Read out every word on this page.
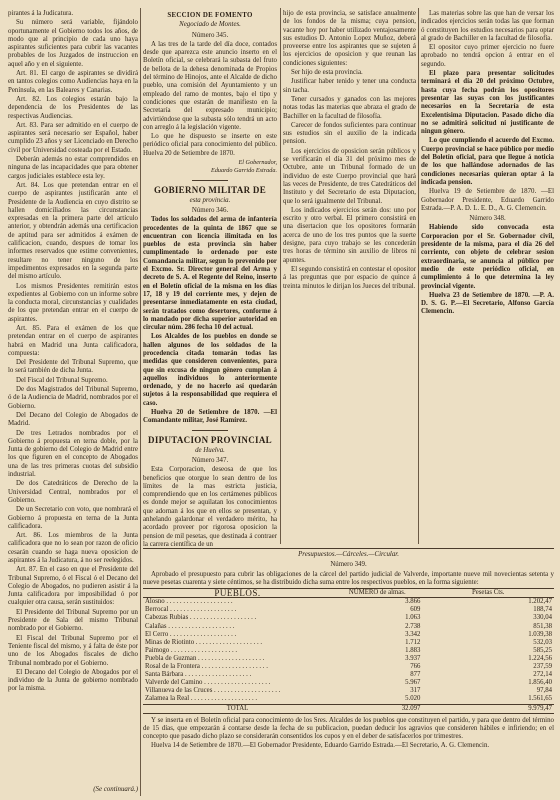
pirantes á la Judicatura.

Su número será variable, fijándolo oportunamente el Gobierno todos los años, de modo que al principio de cada uno haya aspirantes suficientes para cubrir las vacantes probables de los Juzgados de instruccion en aquel año y en el siguiente.

Art. 81. El cargo de aspirantes se dividirá en tantos colegios como Audiencias haya en la Península, en las Baleares y Canarias.

Art. 82. Los colegios estarán bajo la dependencia de los Presidentes de las respectivas Audiencias.

Art. 83. Para ser admitido en el cuerpo de aspirantes será necesario ser Español, haber cumplido 23 años y ser Licenciado en Derecho civil por Universidad costeada por el Estado.

Deberán además no estar comprendidos en ninguna de las incapacidades que para obtener cargos judiciales establece esta ley.

Art. 84. Los que pretendan entrar en el cuerpo de aspirantes justificarán ante el Presidente de la Audiencia en cuyo distrito se hallen domiciliados las circunstancias expresadas en la primera parte del artículo anterior, y obtendrán además una certificacion de aptitud para ser admitidos á exámen de calificacion, cuando, despues de tomar los informes reservados que estime convenientes, resultare no tener ninguno de los impedimentos expresados en la segunda parte del mismo artículo.

Los mismos Presidentes remitirán estos expedientes al Gobierno con un informe sobre la conducta moral, circunstancias y cualidades de los que pretendan entrar en el cuerpo de aspirantes.

Art. 85. Para el exámen de los que pretendan entrar en el cuerpo de aspirantes habrá en Madrid una Junta calificadora, compuesta:

Del Presidente del Tribunal Supremo, que lo será también de dicha Junta.

Del Fiscal del Tribunal Supremo.

De dos Magistrados del Tribunal Supremo, ó de la Audiencia de Madrid, nombrados por el Gobierno.

Del Decano del Colegio de Abogados de Madrid.

De tres Letrados nombrados por el Gobierno á propuesta en terna doble, por la Junta de gobierno del Colegio de Madrid entre los que figuren en el concepto de Abogados una de las tres primeras cuotas del subsidio industrial.

De dos Catedráticos de Derecho de la Universidad Central, nombrados por el Gobierno.

De un Secretario con voto, que nombrará el Gobierno á propuesta en terna de la Junta calificadora.

Art. 86. Los miembros de la Junta calificadora que no lo sean por razon de oficio cesarán cuando se haga nueva oposicion de aspirantes á la Judicatura, á no ser reelegidos.

Art. 87. En el caso en que el Presidente del Tribunal Supremo, ó el Fiscal ó el Decano del Colegio de Abogados, no pudieren asistir á la Junta calificadora por imposibilidad ó por cualquier otra causa, serán sustituidos:

El Presidente del Tribunal Supremo por un Presidente de Sala del mismo Tribunal nombrado por el Gobierno.

El Fiscal del Tribunal Supremo por el Teniente fiscal del mismo, y á falta de éste por uno de los Abogados fiscales de dicho Tribunal nombrado por el Gobierno.

El Decano del Colegio de Abogados por el individuo de la Junta de gobierno nombrado por la misma.

(Se continuará.)
SECCION DE FOMENTO
Negociado de Montes.
Número 345.

A las tres de la tarde del día doce, contados desde que aparezca este anuncio inserto en el Boletín oficial, se celebrará la subasta del fruto de bellota de la dehesa denominada de Propios del término de Hinojos, ante el Alcalde de dicho pueblo, una comisión del Ayuntamiento y un empleado del ramo de montes, bajo el tipo y condiciones que estarán de manifiesto en la Secretaría del expresado municipio; advirtiéndose que la subasta sólo tendrá un acto con arreglo á la legislación vigente.

Lo que he dispuesto se inserte en este periódico oficial para conocimiento del público. Huelva 20 de Setiembre de 1870.

El Gobernador,
Eduardo Garrido Estrada.
GOBIERNO MILITAR DE
esta provincia.
Número 346.

Todos los soldados del arma de infantería procedentes de la quinta de 1867 que se encuentran con licencia ilimitada en los pueblos de esta provincia sin haber cumplimentado lo ordenado por este Comandancia militar, segun lo prevenido por el Excmo. Sr. Director general del Arma y decreto de S. A. el Regente del Reino, inserto en el Boletín oficial de la misma en los días 17, 18 y 19 del corriente mes, y dejen de presentarse inmediatamente en esta ciudad, serán tratados como desertores, conforme á lo mandado por dicha superior autoridad en circular núm. 286 fecha 10 del actual.

Los Alcaldes de los pueblos en donde se hallen algunos de los soldados de la procedencia citada tomarán todas las medidas que consideren convenientes, para que sin excusa de ningun género cumplan á aquellos individuos lo anteriormente ordenado, y de no hacerlo así quedarán sujetos á la responsabilidad que requiera el caso.

Huelva 20 de Setiembre de 1870. —El Comandante militar, José Ramírez.

DIPUTACION PROVINCIAL
de Huelva.
Número 347.

Esta Corporacion, deseosa de que los beneficios que otorgue lo sean dentro de los límites de la mas estricta justicia, comprendiendo que en los certámenes públicos es donde mejor se aquilatan los conocimientos que adornan á los que en ellos se presentan, y anhelando galardonar el verdadero mérito, ha acordado proveer por rigorosa oposicion la pension de mil pesetas, que destinada á contraer la carrera científica de un

hijo de esta provincia, se satisface anualmente de los fondos de la misma; cuya pension, vacante hoy por haber utilizado ventajosamente sus estudios D. Antonio Lopez Muñoz, deberá proveerse entre los aspirantes que se sujeten á los ejercicios de oposicion y que reunan las condiciones siguientes:

Ser hijo de esta provincia.

Justificar haber tenido y tener una conducta sin tacha.

Tener cursados y ganados con las mejores notas todas las materias que abraza el grado de Bachiller en la facultad de filosofía.

Carecer de fondos suficientes para continuar sus estudios sin el auxilio de la indicada pension.

Los ejercicios de oposicion serán públicos y se verificarán el día 31 del próximo mes de Octubre, ante un Tribunal formado de un individuo de este Cuerpo provincial que hará las veces de Presidente, de tres Catedráticos del Instituto y del Secretario de esta Diputacion, que lo será igualmente del Tribunal.

Los indicados ejercicios serán dos: uno por escrito y otro verbal. El primero consistirá en una disertacion que los opositores formarán acerca de uno de los tres puntos que la suerte designe, para cuyo trabajo se les concederán tres horas de término sin auxilio de libros ni apuntes.

El segundo consistirá en contestar el opositor á las preguntas que por espacio de quince á treinta minutos le dirijan los Jueces del tribunal.

Las materias sobre las que han de versar los indicados ejercicios serán todas las que forman ó constituyen los estudios necesarios para optar al grado de Bachiller en la facultad de filosofía.

El opositor cuyo primer ejercicio no fuere aprobado no tendrá opcion á entrar en el segundo.

El plazo para presentar solicitudes terminará el día 20 del próximo Octubre, hasta cuya fecha podrán los opositores presentar las suyas con los justificantes necesarios en la Secretaría de esta Excelentísima Diputacion. Pasado dicho día no se admitirá solicitud ni justificante de ningun género.

Lo que cumpliendo el acuerdo del Excmo. Cuerpo provincial se hace público por medio del Boletín oficial, para que llegue á noticia de los que hallándose adornados de las condiciones necesarias quieran optar á la indicada pension.

Huelva 19 de Setiembre de 1870. —El Gobernador Presidente, Eduardo Garrido Estrada.—P. A. D. L. E. D., A. G. Clemencin.

Número 348.

Habiendo sido convocada esta Corporacion por el Sr. Gobernador civil, presidente de la misma, para el día 26 del corriente, con objeto de celebrar sesion extraordinaria, se anuncia al público por medio de este periódico oficial, en cumplimiento á lo que determina la ley provincial vigente.

Huelva 23 de Setiembre de 1870. —P. A. D. S. G. P.—El Secretario, Alfonso García Clemencin.

Presupuestos.—Cárceles.—Circular.
Número 349.

Aprobado el presupuesto para cubrir las obligaciones de la cárcel del partido judicial de Valverde, importante nueve mil novecientas setenta y nueve pesetas cuarenta y siete céntimos, se ha distribuido dicha suma entre los respectivos pueblos, en la forma siguiente:

PUEBLOS.	NÚMERO de almas.	Pesetas Cts.
Alosno . . . . . . . . . . . . . . . . . . . .	3.866	1.202,47
Berrocal . . . . . . . . . . . . . . . . . . . .	609	188,74
Cabezas Rubias . . . . . . . . . . . . . . . . . . . .	1.063	330,04
Calañas . . . . . . . . . . . . . . . . . . . .	2.738	851,38
El Cerro . . . . . . . . . . . . . . . . . . . .	3.342	1.039,38
Minas de Riotinto . . . . . . . . . . . . . . . . . . . .	1.712	532,03
Paimogo . . . . . . . . . . . . . . . . . . . .	1.883	585,25
Puebla de Guzman . . . . . . . . . . . . . . . . . . . .	3.937	1.224,56
Rosal de la Frontera . . . . . . . . . . . . . . . . . . . .	766	237,59
Santa Bárbara . . . . . . . . . . . . . . . . . . . .	877	272,14
Valverde del Camino . . . . . . . . . . . . . . . . . . . .	5.967	1.856,40
Villanueva de las Cruces . . . . . . . . . . . . . . . . . . . .	317	97,84
Zalamea la Real . . . . . . . . . . . . . . . . . . . .	5.020	1.561,65
TOTAL	32.097	9.979,47

Y se inserta en el Boletín oficial para conocimiento de los Sres. Alcaldes de los pueblos que constituyen el partido, y para que dentro del término de 15 días, que empezarán á contarse desde la fecha de su publicacion, puedan deducir los agravios que consideren hábiles e infiriendo; en el concepto que pasado dicho plazo se considerarán consentidos los cupos y en el deber de satisfacerlos por trimestres.

Huelva 14 de Setiembre de 1870.—El Gobernador Presidente, Eduardo Garrido Estrada.—El Secretario, A. G. Clemencin.
